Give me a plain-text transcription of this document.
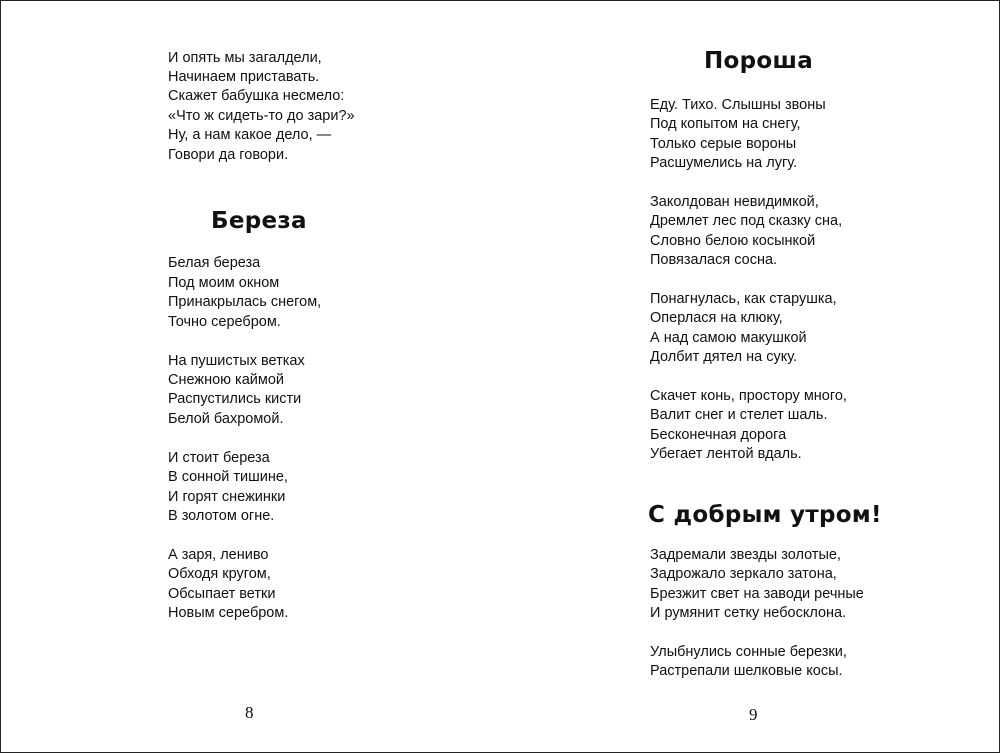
И опять мы загалдели,
Начинаем приставать.
Скажет бабушка несмело:
«Что ж сидеть-то до зари?»
Ну, а нам какое дело, —
Говори да говори.
Береза
Белая береза
Под моим окном
Принакрылась снегом,
Точно серебром.
На пушистых ветках
Снежною каймой
Распустились кисти
Белой бахромой.
И стоит береза
В сонной тишине,
И горят снежинки
В золотом огне.
А заря, лениво
Обходя кругом,
Обсыпает ветки
Новым серебром.
8
Пороша
Еду. Тихо. Слышны звоны
Под копытом на снегу,
Только серые вороны
Расшумелись на лугу.
Заколдован невидимкой,
Дремлет лес под сказку сна,
Словно белою косынкой
Повязалася сосна.
Понагнулась, как старушка,
Оперлася на клюку,
А над самою макушкой
Долбит дятел на суку.
Скачет конь, простору много,
Валит снег и стелет шаль.
Бесконечная дорога
Убегает лентой вдаль.
С добрым утром!
Задремали звезды золотые,
Задрожало зеркало затона,
Брезжит свет на заводи речные
И румянит сетку небосклона.
Улыбнулись сонные березки,
Растрепали шелковые косы.
9
